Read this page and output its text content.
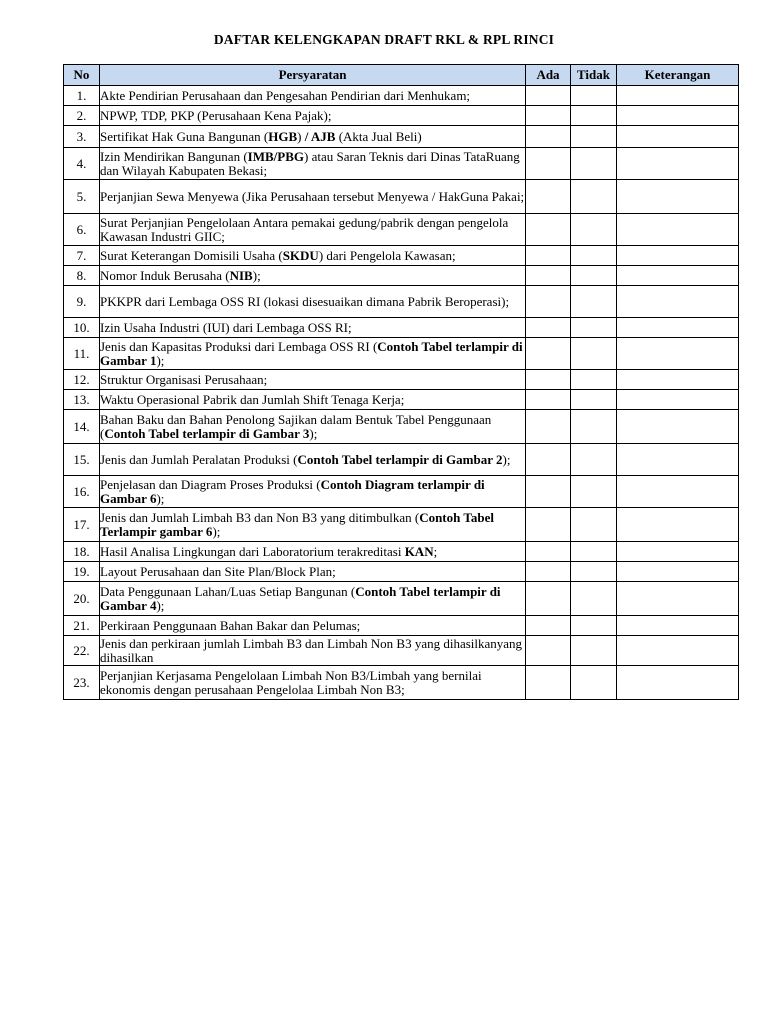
DAFTAR KELENGKAPAN DRAFT RKL & RPL RINCI
No	Persyaratan	Ada	Tidak	Keterangan
1.	Akte Pendirian Perusahaan dan Pengesahan Pendirian dari Menhukam;			
2.	NPWP, TDP, PKP (Perusahaan Kena Pajak);			
3.	Sertifikat Hak Guna Bangunan (HGB) / AJB (Akta Jual Beli)			
4.	Izin Mendirikan Bangunan (IMB/PBG) atau Saran Teknis dari Dinas TataRuang dan Wilayah Kabupaten Bekasi;			
5.	Perjanjian Sewa Menyewa (Jika Perusahaan tersebut Menyewa / HakGuna Pakai;			
6.	Surat Perjanjian Pengelolaan Antara pemakai gedung/pabrik dengan pengelola Kawasan Industri GIIC;			
7.	Surat Keterangan Domisili Usaha (SKDU) dari Pengelola Kawasan;			
8.	Nomor Induk Berusaha (NIB);			
9.	PKKPR dari Lembaga OSS RI (lokasi disesuaikan dimana Pabrik Beroperasi);			
10.	Izin Usaha Industri (IUI) dari Lembaga OSS RI;			
11.	Jenis dan Kapasitas Produksi dari Lembaga OSS RI (Contoh Tabel terlampir di Gambar 1);			
12.	Struktur Organisasi Perusahaan;			
13.	Waktu Operasional Pabrik dan Jumlah Shift Tenaga Kerja;			
14.	Bahan Baku dan Bahan Penolong Sajikan dalam Bentuk Tabel Penggunaan (Contoh Tabel terlampir di Gambar 3);			
15.	Jenis dan Jumlah Peralatan Produksi (Contoh Tabel terlampir di Gambar 2);			
16.	Penjelasan dan Diagram Proses Produksi (Contoh Diagram terlampir di Gambar 6);			
17.	Jenis dan Jumlah Limbah B3 dan Non B3 yang ditimbulkan (Contoh Tabel Terlampir gambar 6);			
18.	Hasil Analisa Lingkungan dari Laboratorium terakreditasi KAN;			
19.	Layout Perusahaan dan Site Plan/Block Plan;			
20.	Data Penggunaan Lahan/Luas Setiap Bangunan (Contoh Tabel terlampir di Gambar 4);			
21.	Perkiraan Penggunaan Bahan Bakar dan Pelumas;			
22.	Jenis dan perkiraan jumlah Limbah B3 dan Limbah Non B3 yang dihasilkanyang dihasilkan			
23.	Perjanjian Kerjasama Pengelolaan Limbah Non B3/Limbah yang bernilai ekonomis dengan perusahaan Pengelolaa Limbah Non B3;			
